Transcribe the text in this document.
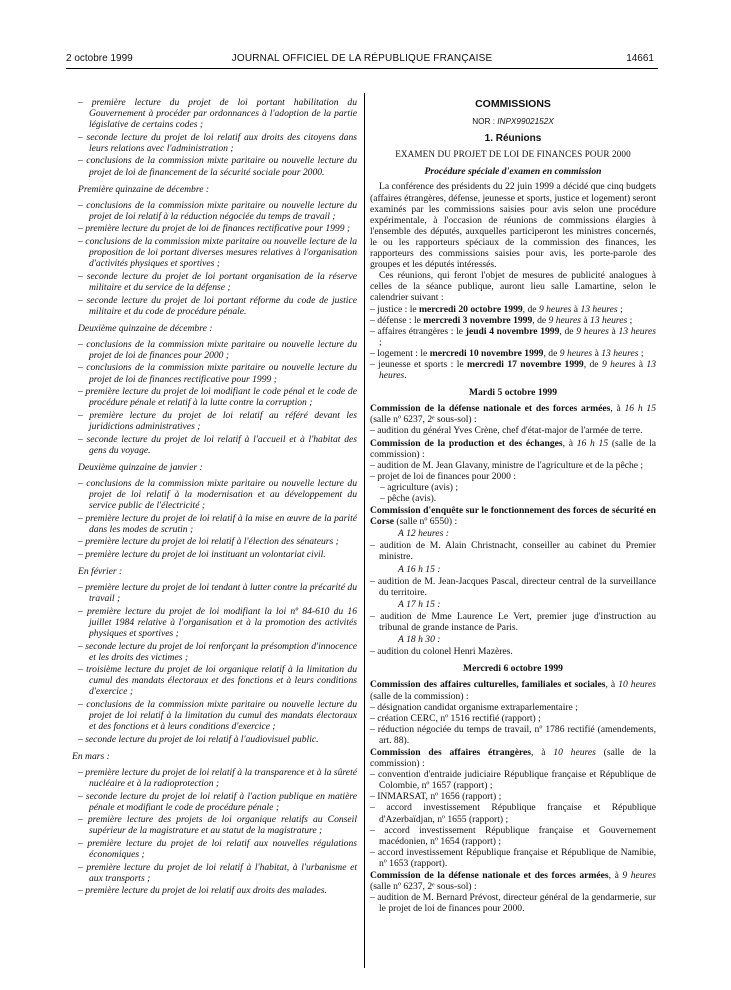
2 octobre 1999	JOURNAL OFFICIEL DE LA RÉPUBLIQUE FRANÇAISE	14661

– première lecture du projet de loi portant habilitation du Gouvernement à procéder par ordonnances à l'adoption de la partie législative de certains codes ;

– seconde lecture du projet de loi relatif aux droits des citoyens dans leurs relations avec l'administration ;

– conclusions de la commission mixte paritaire ou nouvelle lecture du projet de loi de financement de la sécurité sociale pour 2000.

Première quinzaine de décembre :

– conclusions de la commission mixte paritaire ou nouvelle lecture du projet de loi relatif à la réduction négociée du temps de travail ;

– première lecture du projet de loi de finances rectificative pour 1999 ;

– conclusions de la commission mixte paritaire ou nouvelle lecture de la proposition de loi portant diverses mesures relatives à l'organisation d'activités physiques et sportives ;

– seconde lecture du projet de loi portant organisation de la réserve militaire et du service de la défense ;

– seconde lecture du projet de loi portant réforme du code de justice militaire et du code de procédure pénale.

Deuxième quinzaine de décembre :

– conclusions de la commission mixte paritaire ou nouvelle lecture du projet de loi de finances pour 2000 ;

– conclusions de la commission mixte paritaire ou nouvelle lecture du projet de loi de finances rectificative pour 1999 ;

– première lecture du projet de loi modifiant le code pénal et le code de procédure pénale et relatif à la lutte contre la corruption ;

– première lecture du projet de loi relatif au référé devant les juridictions administratives ;

– seconde lecture du projet de loi relatif à l'accueil et à l'habitat des gens du voyage.

Deuxième quinzaine de janvier :

– conclusions de la commission mixte paritaire ou nouvelle lecture du projet de loi relatif à la modernisation et au développement du service public de l'électricité ;

– première lecture du projet de loi relatif à la mise en œuvre de la parité dans les modes de scrutin ;

– première lecture du projet de loi relatif à l'élection des sénateurs ;

– première lecture du projet de loi instituant un volontariat civil.

En février :

– première lecture du projet de loi tendant à lutter contre la précarité du travail ;

– première lecture du projet de loi modifiant la loi nº 84-610 du 16 juillet 1984 relative à l'organisation et à la promotion des activités physiques et sportives ;

– seconde lecture du projet de loi renforçant la présomption d'innocence et les droits des victimes ;

– troisième lecture du projet de loi organique relatif à la limitation du cumul des mandats électoraux et des fonctions et à leurs conditions d'exercice ;

– conclusions de la commission mixte paritaire ou nouvelle lecture du projet de loi relatif à la limitation du cumul des mandats électoraux et des fonctions et à leurs conditions d'exercice ;

– seconde lecture du projet de loi relatif à l'audiovisuel public.

En mars :

– première lecture du projet de loi relatif à la transparence et à la sûreté nucléaire et à la radioprotection ;

– seconde lecture du projet de loi relatif à l'action publique en matière pénale et modifiant le code de procédure pénale ;

– première lecture des projets de loi organique relatifs au Conseil supérieur de la magistrature et au statut de la magistrature ;

– première lecture du projet de loi relatif aux nouvelles régulations économiques ;

– première lecture du projet de loi relatif à l'habitat, à l'urbanisme et aux transports ;

– première lecture du projet de loi relatif aux droits des malades.

COMMISSIONS
NOR : INPX9902152X
1. Réunions
EXAMEN DU PROJET DE LOI DE FINANCES POUR 2000
Procédure spéciale d'examen en commission

La conférence des présidents du 22 juin 1999 a décidé que cinq budgets (affaires étrangères, défense, jeunesse et sports, justice et logement) seront examinés par les commissions saisies pour avis selon une procédure expérimentale, à l'occasion de réunions de commissions élargies à l'ensemble des députés, auxquelles participeront les ministres concernés, le ou les rapporteurs spéciaux de la commission des finances, les rapporteurs des commissions saisies pour avis, les porte-parole des groupes et les députés intéressés.

Ces réunions, qui feront l'objet de mesures de publicité analogues à celles de la séance publique, auront lieu salle Lamartine, selon le calendrier suivant :

– justice : le mercredi 20 octobre 1999, de 9 heures à 13 heures ;

– défense : le mercredi 3 novembre 1999, de 9 heures à 13 heures ;

– affaires étrangères : le jeudi 4 novembre 1999, de 9 heures à 13 heures ;

– logement : le mercredi 10 novembre 1999, de 9 heures à 13 heures ;

– jeunesse et sports : le mercredi 17 novembre 1999, de 9 heures à 13 heures.

Mardi 5 octobre 1999

Commission de la défense nationale et des forces armées, à 16 h 15 (salle nº 6237, 2ᵉ sous-sol) :

– audition du général Yves Crène, chef d'état-major de l'armée de terre.

Commission de la production et des échanges, à 16 h 15 (salle de la commission) :

– audition de M. Jean Glavany, ministre de l'agriculture et de la pêche ;

– projet de loi de finances pour 2000 :

– agriculture (avis) ;

– pêche (avis).

Commission d'enquête sur le fonctionnement des forces de sécurité en Corse (salle nº 6550) :

A 12 heures :

– audition de M. Alain Christnacht, conseiller au cabinet du Premier ministre.

A 16 h 15 :

– audition de M. Jean-Jacques Pascal, directeur central de la surveillance du territoire.

A 17 h 15 :

– audition de Mme Laurence Le Vert, premier juge d'instruction au tribunal de grande instance de Paris.

A 18 h 30 :

– audition du colonel Henri Mazères.

Mercredi 6 octobre 1999

Commission des affaires culturelles, familiales et sociales, à 10 heures (salle de la commission) :

– désignation candidat organisme extraparlementaire ;

– création CERC, nº 1516 rectifié (rapport) ;

– réduction négociée du temps de travail, nº 1786 rectifié (amendements, art. 88).

Commission des affaires étrangères, à 10 heures (salle de la commission) :

– convention d'entraide judiciaire République française et République de Colombie, nº 1657 (rapport) ;

– INMARSAT, nº 1656 (rapport) ;

– accord investissement République française et République d'Azerbaïdjan, nº 1655 (rapport) ;

– accord investissement République française et Gouvernement macédonien, nº 1654 (rapport) ;

– accord investissement République française et République de Namibie, nº 1653 (rapport).

Commission de la défense nationale et des forces armées, à 9 heures (salle nº 6237, 2ᵉ sous-sol) :

– audition de M. Bernard Prévost, directeur général de la gendarmerie, sur le projet de loi de finances pour 2000.
